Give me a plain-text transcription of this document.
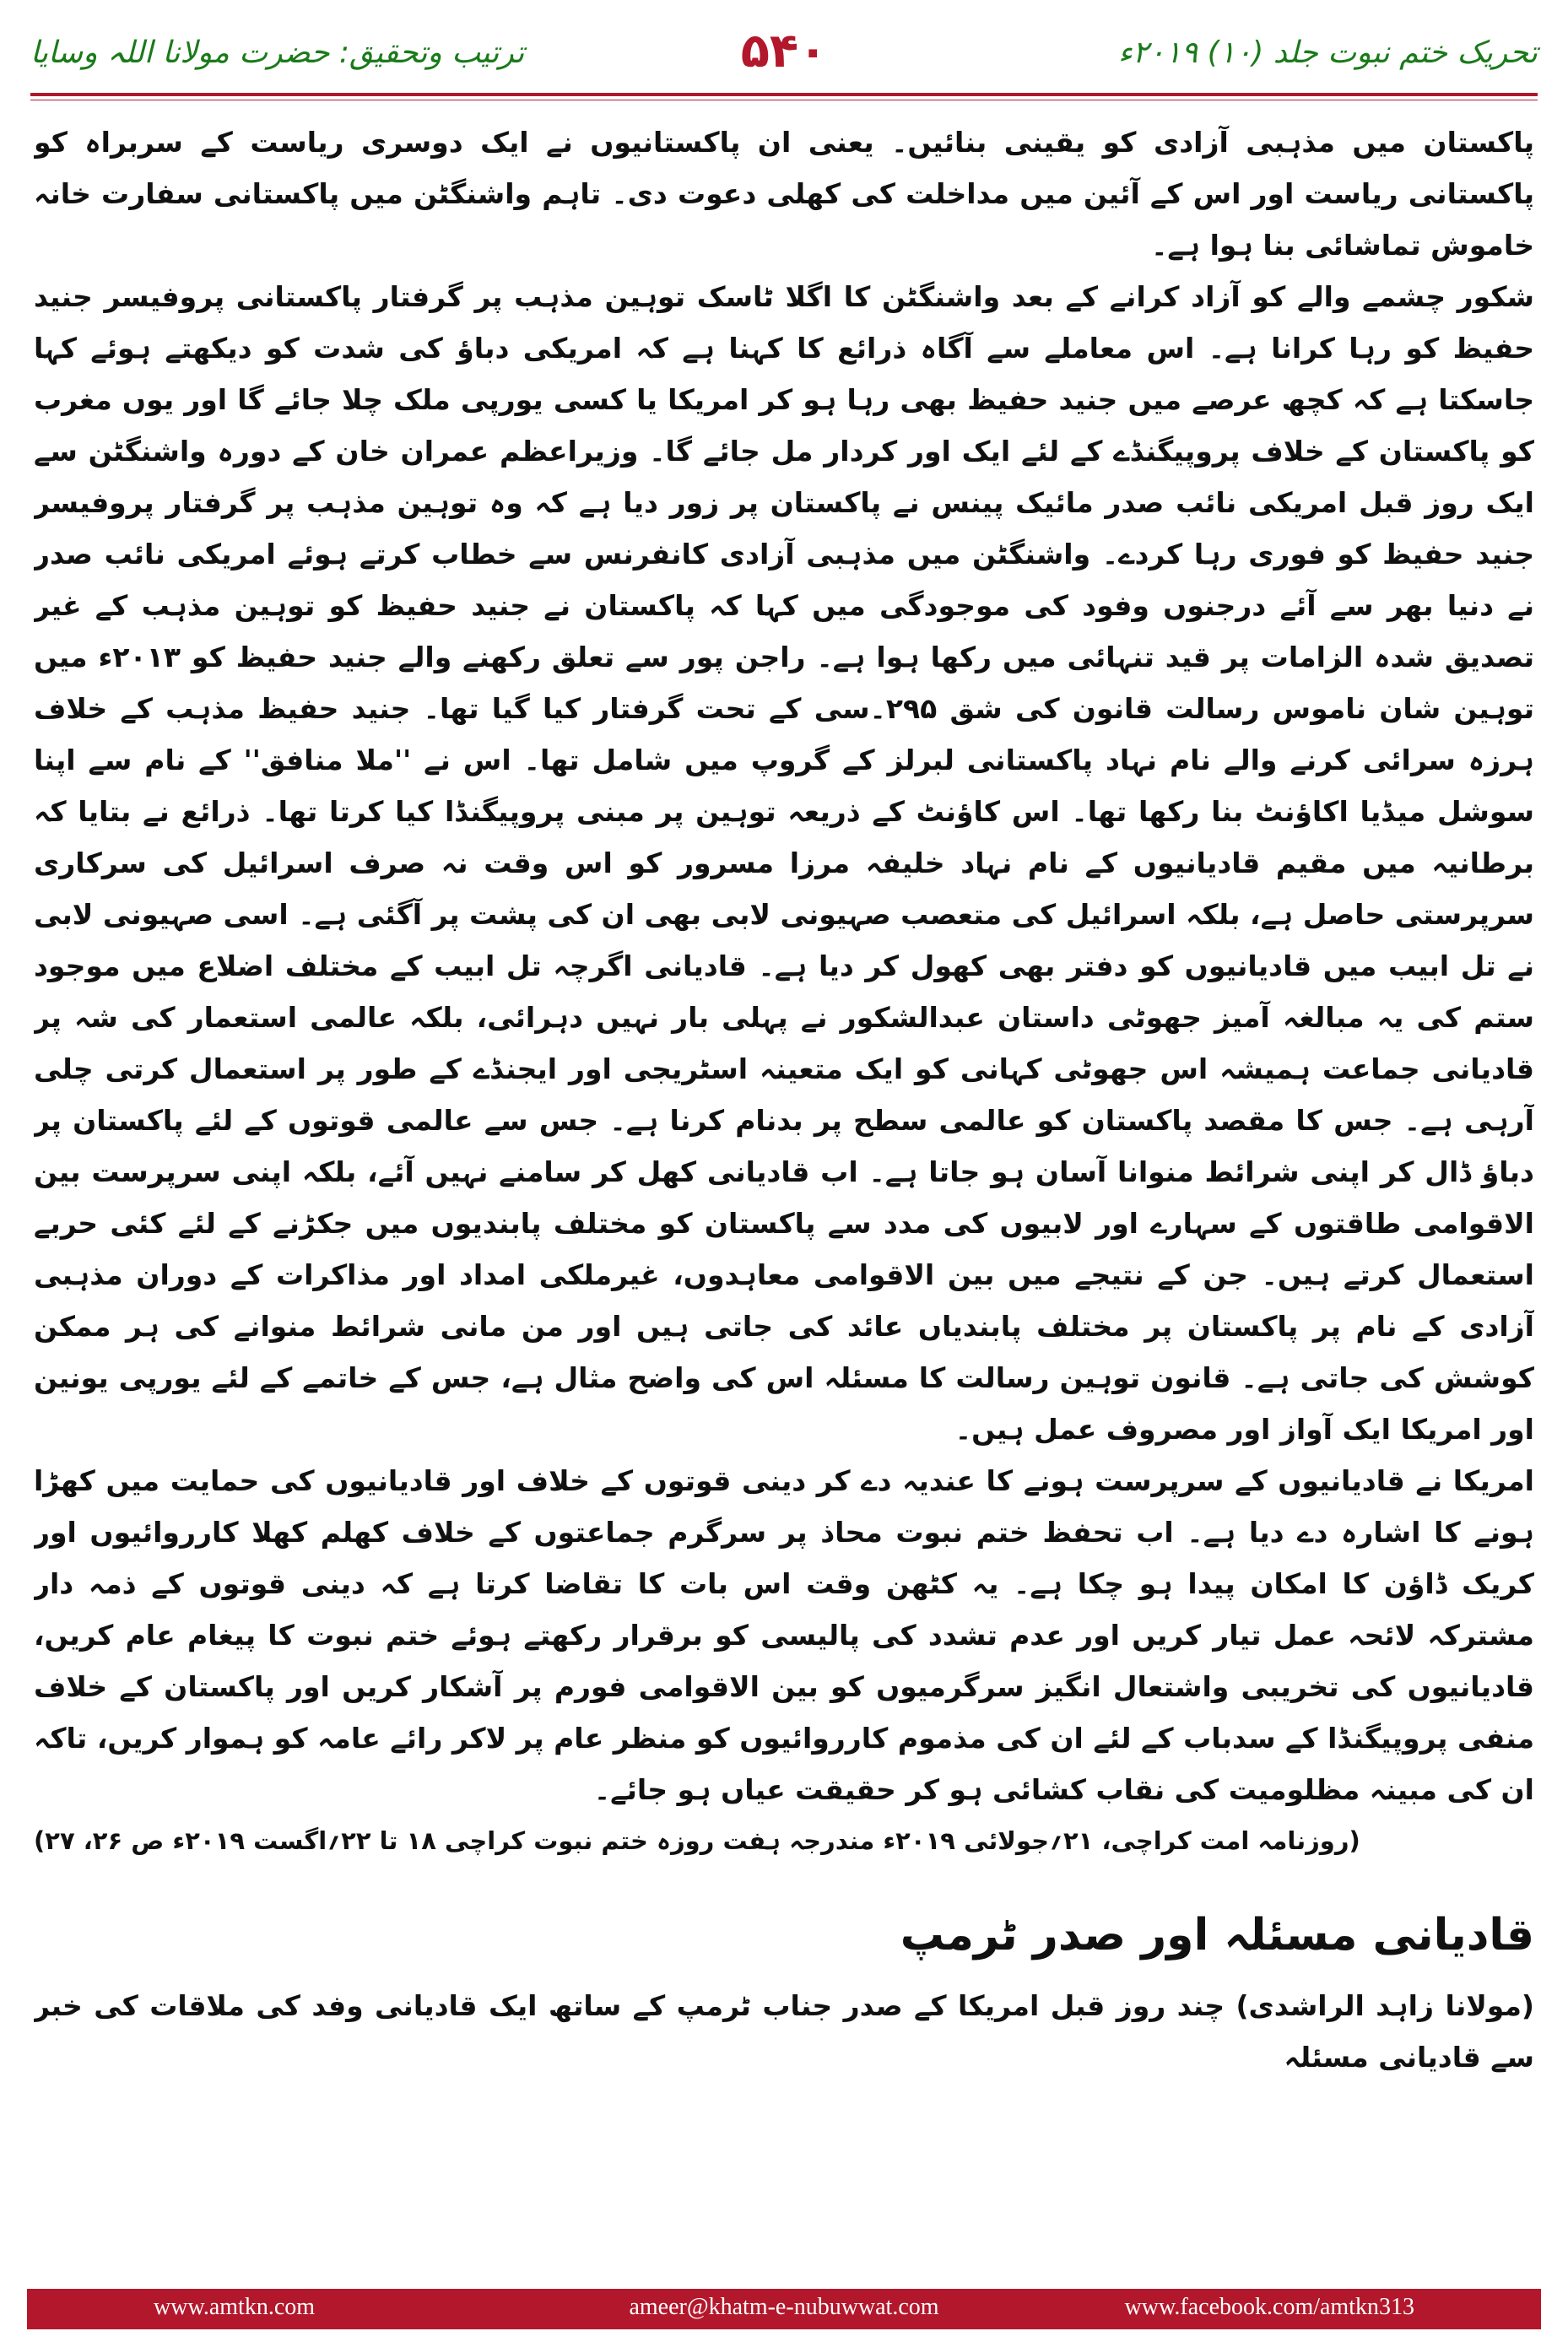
ترتیب وتحقیق: حضرت مولانا اللہ وسایا	۵۴۰	تحریک ختم نبوت جلد (۱۰) ۲۰۱۹ء

پاکستان میں مذہبی آزادی کو یقینی بنائیں۔ یعنی ان پاکستانیوں نے ایک دوسری ریاست کے سربراہ کو پاکستانی ریاست اور اس کے آئین میں مداخلت کی کھلی دعوت دی۔ تاہم واشنگٹن میں پاکستانی سفارت خانہ خاموش تماشائی بنا ہوا ہے۔

شکور چشمے والے کو آزاد کرانے کے بعد واشنگٹن کا اگلا ٹاسک توہین مذہب پر گرفتار پاکستانی پروفیسر جنید حفیظ کو رہا کرانا ہے۔ اس معاملے سے آگاہ ذرائع کا کہنا ہے کہ امریکی دباؤ کی شدت کو دیکھتے ہوئے کہا جاسکتا ہے کہ کچھ عرصے میں جنید حفیظ بھی رہا ہو کر امریکا یا کسی یورپی ملک چلا جائے گا اور یوں مغرب کو پاکستان کے خلاف پروپیگنڈے کے لئے ایک اور کردار مل جائے گا۔ وزیراعظم عمران خان کے دورہ واشنگٹن سے ایک روز قبل امریکی نائب صدر مائیک پینس نے پاکستان پر زور دیا ہے کہ وہ توہین مذہب پر گرفتار پروفیسر جنید حفیظ کو فوری رہا کردے۔ واشنگٹن میں مذہبی آزادی کانفرنس سے خطاب کرتے ہوئے امریکی نائب صدر نے دنیا بھر سے آئے درجنوں وفود کی موجودگی میں کہا کہ پاکستان نے جنید حفیظ کو توہین مذہب کے غیر تصدیق شدہ الزامات پر قید تنہائی میں رکھا ہوا ہے۔ راجن پور سے تعلق رکھنے والے جنید حفیظ کو ۲۰۱۳ء میں توہین شان ناموس رسالت قانون کی شق ۲۹۵۔سی کے تحت گرفتار کیا گیا تھا۔ جنید حفیظ مذہب کے خلاف ہرزہ سرائی کرنے والے نام نہاد پاکستانی لبرلز کے گروپ میں شامل تھا۔ اس نے ''ملا منافق'' کے نام سے اپنا سوشل میڈیا اکاؤنٹ بنا رکھا تھا۔ اس کاؤنٹ کے ذریعہ توہین پر مبنی پروپیگنڈا کیا کرتا تھا۔ ذرائع نے بتایا کہ برطانیہ میں مقیم قادیانیوں کے نام نہاد خلیفہ مرزا مسرور کو اس وقت نہ صرف اسرائیل کی سرکاری سرپرستی حاصل ہے، بلکہ اسرائیل کی متعصب صہیونی لابی بھی ان کی پشت پر آگئی ہے۔ اسی صہیونی لابی نے تل ابیب میں قادیانیوں کو دفتر بھی کھول کر دیا ہے۔ قادیانی اگرچہ تل ابیب کے مختلف اضلاع میں موجود ستم کی یہ مبالغہ آمیز جھوٹی داستان عبدالشکور نے پہلی بار نہیں دہرائی، بلکہ عالمی استعمار کی شہ پر قادیانی جماعت ہمیشہ اس جھوٹی کہانی کو ایک متعینہ اسٹریجی اور ایجنڈے کے طور پر استعمال کرتی چلی آرہی ہے۔ جس کا مقصد پاکستان کو عالمی سطح پر بدنام کرنا ہے۔ جس سے عالمی قوتوں کے لئے پاکستان پر دباؤ ڈال کر اپنی شرائط منوانا آسان ہو جاتا ہے۔ اب قادیانی کھل کر سامنے نہیں آئے، بلکہ اپنی سرپرست بین الاقوامی طاقتوں کے سہارے اور لابیوں کی مدد سے پاکستان کو مختلف پابندیوں میں جکڑنے کے لئے کئی حربے استعمال کرتے ہیں۔ جن کے نتیجے میں بین الاقوامی معاہدوں، غیرملکی امداد اور مذاکرات کے دوران مذہبی آزادی کے نام پر پاکستان پر مختلف پابندیاں عائد کی جاتی ہیں اور من مانی شرائط منوانے کی ہر ممکن کوشش کی جاتی ہے۔ قانون توہین رسالت کا مسئلہ اس کی واضح مثال ہے، جس کے خاتمے کے لئے یورپی یونین اور امریکا ایک آواز اور مصروف عمل ہیں۔

امریکا نے قادیانیوں کے سرپرست ہونے کا عندیہ دے کر دینی قوتوں کے خلاف اور قادیانیوں کی حمایت میں کھڑا ہونے کا اشارہ دے دیا ہے۔ اب تحفظ ختم نبوت محاذ پر سرگرم جماعتوں کے خلاف کھلم کھلا کارروائیوں اور کریک ڈاؤن کا امکان پیدا ہو چکا ہے۔ یہ کٹھن وقت اس بات کا تقاضا کرتا ہے کہ دینی قوتوں کے ذمہ دار مشترکہ لائحہ عمل تیار کریں اور عدم تشدد کی پالیسی کو برقرار رکھتے ہوئے ختم نبوت کا پیغام عام کریں، قادیانیوں کی تخریبی واشتعال انگیز سرگرمیوں کو بین الاقوامی فورم پر آشکار کریں اور پاکستان کے خلاف منفی پروپیگنڈا کے سدباب کے لئے ان کی مذموم کارروائیوں کو منظر عام پر لاکر رائے عامہ کو ہموار کریں، تاکہ ان کی مبینہ مظلومیت کی نقاب کشائی ہو کر حقیقت عیاں ہو جائے۔

(روزنامہ امت کراچی، ۲۱؍جولائی ۲۰۱۹ء مندرجہ ہفت روزہ ختم نبوت کراچی ۱۸ تا ۲۲؍اگست ۲۰۱۹ء ص ۲۶، ۲۷)

قادیانی مسئلہ اور صدر ٹرمپ

(مولانا زاہد الراشدی) چند روز قبل امریکا کے صدر جناب ٹرمپ کے ساتھ ایک قادیانی وفد کی ملاقات کی خبر سے قادیانی مسئلہ

www.amtkn.com	ameer@khatm-e-nubuwwat.com	www.facebook.com/amtkn313
